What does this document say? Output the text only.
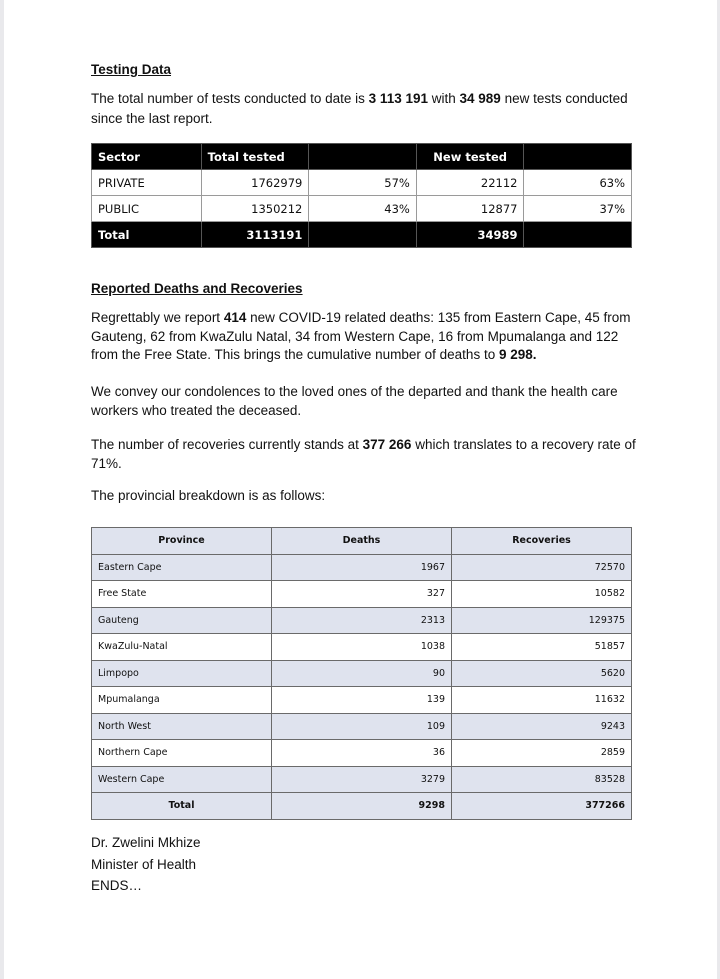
Testing Data
The total number of tests conducted to date is 3 113 191 with 34 989 new tests conducted since the last report.
Sector	Total tested		New tested	
PRIVATE	1762979	57%	22112	63%
PUBLIC	1350212	43%	12877	37%
Total	3113191		34989	
Reported Deaths and Recoveries
Regrettably we report 414 new COVID-19 related deaths: 135 from Eastern Cape, 45 from Gauteng, 62 from KwaZulu Natal, 34 from Western Cape, 16 from Mpumalanga and 122 from the Free State. This brings the cumulative number of deaths to 9 298.
We convey our condolences to the loved ones of the departed and thank the health care workers who treated the deceased.
The number of recoveries currently stands at 377 266 which translates to a recovery rate of 71%.
The provincial breakdown is as follows:
Province	Deaths	Recoveries
Eastern Cape	1967	72570
Free State	327	10582
Gauteng	2313	129375
KwaZulu-Natal	1038	51857
Limpopo	90	5620
Mpumalanga	139	11632
North West	109	9243
Northern Cape	36	2859
Western Cape	3279	83528
Total	9298	377266
Dr. Zwelini Mkhize
Minister of Health
ENDS…
